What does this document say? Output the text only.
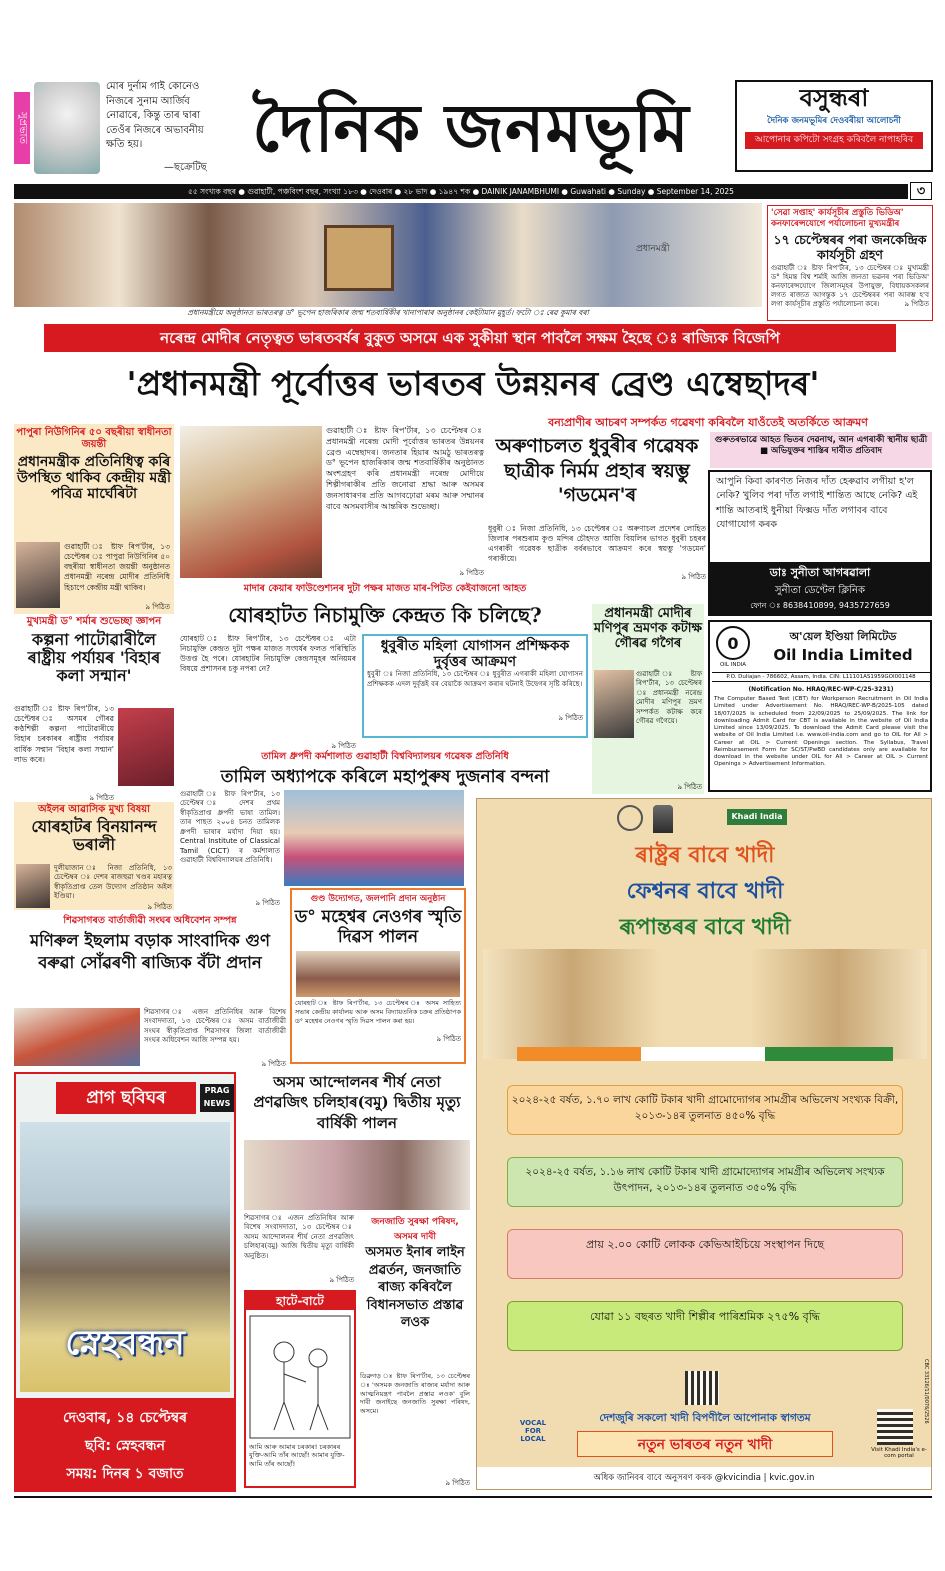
সুপ্ৰভাত
মোৰ দুৰ্নাম গাই কোনেও নিজৰে সুনাম আৰ্জিব নোৱাৰে, কিন্তু তাৰ দ্বাৰা তেওঁৰ নিজৰে অভাবনীয় ক্ষতি হয়।
—ছক্ৰেটিছ
দৈনিক জনমভূমি	বসুন্ধৰা
দৈনিক জনমভূমিৰ দেওবৰীয়া আলোচনী
আপোনাৰ কপিটো সংগ্ৰহ কৰিবলৈ নাপাহৰিব
৫৫ সংখ্যক বছৰ ● গুৱাহাটী, পঞ্চবিংশ বছৰ, সংখ্যা ১৮৩ ● দেওবাৰ ● ২৮ ভাদ ● ১৯৪৭ শক ● DAINIK JANAMBHUMI ● Guwahati ● Sunday ● September 14, 2025	৩
প্ৰধানমন্ত্ৰী
প্ৰধানমন্ত্ৰীয়ে অনুষ্ঠানত ভাৰতৰত্ন ড° ভূপেন হাজৰিকাৰ জন্ম শতবাৰ্ষিকীৰ খানাপাৰাৰ অনুষ্ঠানৰ কেইটামান মুহূৰ্ত। ফটো ঃ ৰেৱ কুমাৰ বৰা
'সেৱা সপ্তাহ' কাৰ্যসূচীৰ প্ৰস্তুতি ভিডিঅ' কনফাৰেন্সযোগে পৰ্যালোচনা মুখ্যমন্ত্ৰীৰ
১৭ চেপ্টেম্বৰৰ পৰা জনকেন্দ্ৰিক কাৰ্যসূচী গ্ৰহণ
গুৱাহাটী ঃ ষ্টাফ ৰিপ'ৰ্টাৰ, ১৩ চেপ্টেম্বৰ ঃ মুখ্যমন্ত্ৰী ড° হিমন্ত বিশ্ব শৰ্মাই আজি জনতা ভৱনৰ পৰা ভিডিঅ' কনফাৰেন্সযোগে জিলাসমূহৰ উপায়ুক্ত, বিধায়কসকলৰ লগত ৰাজ্যত আগন্তুক ১৭ চেপ্টেম্বৰৰ পৰা আৰম্ভ হ'ব লগা কাৰ্যসূচীৰ প্ৰস্তুতি পৰ্যালোচনা কৰে।	৯ পিঠিত
নৰেন্দ্ৰ মোদীৰ নেতৃত্বত ভাৰতবৰ্ষৰ বুকুত অসমে এক সুকীয়া স্থান পাবলৈ সক্ষম হৈছে ঃ ৰাজ্যিক বিজেপি
'প্ৰধানমন্ত্ৰী পূৰ্বোত্তৰ ভাৰতৰ উন্নয়নৰ ব্ৰেণ্ড এম্বেছাদৰ'
পাপুৰা নিউগিনিৰ ৫০ বছৰীয়া স্বাধীনতা জয়ন্তী
প্ৰধানমন্ত্ৰীক প্ৰতিনিধিত্ব কৰি উপস্থিত থাকিব কেন্দ্ৰীয় মন্ত্ৰী পবিত্ৰ মাৰ্ঘেৰিটা
গুৱাহাটী ঃ ষ্টাফ ৰিপ'ৰ্টাৰ, ১৩ চেপ্টেম্বৰ ঃ পাপুৱা নিউগিনিৰ ৫০ বছৰীয়া স্বাধীনতা জয়ন্তী অনুষ্ঠানত প্ৰধানমন্ত্ৰী নৰেন্দ্ৰ মোদীৰ প্ৰতিনিধি হিচাপে কেন্দ্ৰীয় মন্ত্ৰী থাকিব।
৯ পিঠিত
মুখ্যমন্ত্ৰী ড° শৰ্মাৰ শুভেচ্ছা জ্ঞাপন
কল্পনা পাটোৱাৰীলৈ ৰাষ্ট্ৰীয় পৰ্যায়ৰ 'বিহাৰ কলা সন্মান'
গুৱাহাটী ঃ ষ্টাফ ৰিপ'ৰ্টাৰ, ১৩ চেপ্টেম্বৰ ঃ অসমৰ গৌৰৱ কণ্ঠশিল্পী কল্পনা পাটোৱাৰীয়ে বিহাৰ চৰকাৰৰ ৰাষ্ট্ৰীয় পৰ্যায়ৰ বাৰ্ষিক সন্মান 'বিহাৰ কলা সন্মান' লাভ কৰে।
৯ পিঠিত
অইলৰ আৱাসিক মুখ্য বিষয়া
যোৰহাটৰ বিনয়ানন্দ ভৰালী
দুলীয়াজান ঃ নিজা প্ৰতিনিধি, ১৩ চেপ্টেম্বৰ ঃ দেশৰ ৰাজহুৱা খণ্ডৰ মহাৰত্ন স্বীকৃতিপ্ৰাপ্ত তেল উদ্যোগ প্ৰতিষ্ঠান অইল ইণ্ডিয়া।
৯ পিঠিত
গুৱাহাটী ঃ ষ্টাফ ৰিপ'ৰ্টাৰ, ১৩ চেপ্টেম্বৰ ঃ প্ৰধানমন্ত্ৰী নৰেন্দ্ৰ মোদী পূৰ্বোত্তৰ ভাৰতৰ উন্নয়নৰ ব্ৰেণ্ড এম্বেছাদৰ। জনতাৰ হিয়াৰ আমঠু ভাৰতৰত্ন ড° ভূপেন হাজৰিকাৰ জন্ম শতবাৰ্ষিকীৰ অনুষ্ঠানত অংশগ্ৰহণ কৰি প্ৰধানমন্ত্ৰী নৰেন্দ্ৰ মোদীয়ে শিল্পীগৰাকীৰ প্ৰতি জনোৱা শ্ৰদ্ধা আৰু অসমৰ জনসাধাৰণৰ প্ৰতি আগবঢ়োৱা মৰম আৰু সম্মানৰ বাবে অসমবাসীৰ আন্তৰিক শুভেচ্ছা।
৯ পিঠিত
বন্যপ্ৰাণীৰ আচৰণ সম্পৰ্কত গৱেষণা কৰিবলৈ যাওঁতেই অতৰ্কিতে আক্ৰমণ
অৰুণাচলত ধুবুৰীৰ গৱেষক ছাত্ৰীক নিৰ্মম প্ৰহাৰ স্বয়ম্ভু 'গডমেন'ৰ
ধুবুৰী ঃ নিজা প্ৰতিনিধি, ১৩ চেপ্টেম্বৰ ঃ অৰুণাচল প্ৰদেশৰ লোহিত জিলাৰ পৰশুৰাম কুণ্ড মন্দিৰ চৌহদত আজি বিয়লিৰ ভাগত ধুবুৰী চহৰৰ এগৰাকী গৱেষক ছাত্ৰীক বৰ্বৰভাবে আক্ৰমণ কৰে স্বয়ম্ভু 'গডমেন' গৰাকীয়ে।
৯ পিঠিত
গুৰুতৰভাৱে আহত ভিতৰ দেৱনাথ, আন এগৰাকী স্থানীয় ছাত্ৰী ■ অভিযুক্তৰ শাস্তিৰ দাবীত প্ৰতিবাদ
আপুনি কিবা কাৰণত নিজৰ দাঁত হেৰুৱাব লগীয়া হ'ল নেকি? খুলিব পৰা দাঁত লগাই শান্তিত আছে নেকি? এই শান্তি আতৰাই ধুনীয়া ফিক্সড দাঁত লগাবৰ বাবে যোগাযোগ কৰক
ডাঃ সুনীতা আগৰৱালা
সুনীতা ডেণ্টেল ক্লিনিক
ফোন ঃ 8638410899, 9435727659
মাদাৰ কেয়াৰ ফাউণ্ডেশ্যনৰ দুটা পক্ষৰ মাজত মাৰ-পিটত কেইবাজনো আহত
যোৰহাটত নিচামুক্তি কেন্দ্ৰত কি চলিছে?
যোৰহাট ঃ ষ্টাফ ৰিপ'ৰ্টাৰ, ১৩ চেপ্টেম্বৰ ঃ এটা নিচামুক্তি কেন্দ্ৰত দুটা পক্ষৰ মাজত সংঘৰ্ষৰ ফলত পৰিস্থিতি উত্তপ্ত হৈ পৰে। যোৰহাটৰ নিচামুক্তি কেন্দ্ৰসমূহৰ অনিয়মৰ বিষয়ে প্ৰশাসনৰ চকু নপৰা নে?
৯ পিঠিত
ধুবুৰীত মহিলা যোগাসন প্ৰশিক্ষকক দুৰ্বৃত্তৰ আক্ৰমণ
ধুবুৰী ঃ নিজা প্ৰতিনিধি, ১৩ চেপ্টেম্বৰ ঃ ধুবুৰীত এগৰাকী মহিলা যোগাসন প্ৰশিক্ষকক এদল দুৰ্বৃত্তই বৰ বেয়াকৈ আক্ৰমণ কৰাৰ ঘটনাই উদ্বেগৰ সৃষ্টি কৰিছে।
৯ পিঠিত
প্ৰধানমন্ত্ৰী মোদীৰ মণিপুৰ ভ্ৰমণক কটাক্ষ গৌৰৱ গগৈৰ
গুৱাহাটী ঃ ষ্টাফ ৰিপ'ৰ্টাৰ, ১৩ চেপ্টেম্বৰ ঃ প্ৰধানমন্ত্ৰী নৰেন্দ্ৰ মোদীৰ মণিপুৰ ভ্ৰমণ সম্পৰ্কত কটাক্ষ কৰে গৌৰৱ গগৈয়ে।
৯ পিঠিত
0
OIL INDIA
অ'য়েল ইণ্ডিয়া লিমিটেড
Oil India Limited
P.O. Duliajan - 786602, Assam, India. CIN: L11101AS1959GOI001148
(Notification No. HRAQ/REC-WP-C/25-3231)
The Computer Based Test (CBT) for Workperson Recruitment in Oil India Limited under Advertisement No. HRAQ/REC-WP-B/2025-105 dated 18/07/2025 is scheduled from 22/09/2025 to 25/09/2025. The link for downloading Admit Card for CBT is available in the website of Oil India Limited since 13/09/2025. To download the Admit Card please visit the website of Oil India Limited i.e. www.oil-india.com and go to OIL for All > Career at OIL > Current Openings section. The Syllabus, Travel Reimbursement Form for SC/ST/PwBD candidates only are available for download in the website under OIL for All > Career at OIL > Current Openings > Advertisement Information.
তামিল ধ্ৰুপদী কৰ্মশালাত গুৱাহাটী বিশ্ববিদ্যালয়ৰ গৱেষক প্ৰতিনিধি
তামিল অধ্যাপকে কৰিলে মহাপুৰুষ দুজনাৰ বন্দনা
গুৱাহাটী ঃ ষ্টাফ ৰিপ'ৰ্টাৰ, ১৩ চেপ্টেম্বৰ ঃ দেশৰ প্ৰথম স্বীকৃতিপ্ৰাপ্ত ধ্ৰুপদী ভাষা তামিল। তাৰ পাছত ২০০৪ চনত তামিলক ধ্ৰুপদী ভাষাৰ মৰ্যাদা দিয়া হয়। Central Institute of Classical Tamil (CICT) ৰ কৰ্মশালাত গুৱাহাটী বিশ্ববিদ্যালয়ৰ প্ৰতিনিধি।
৯ পিঠিত
শিৱসাগৰত বাৰ্তাজীৱী সংঘৰ অধিবেশন সম্পন্ন
মণিৰুল ইছলাম বড়াক সাংবাদিক গুণ বৰুৱা সোঁৱৰণী ৰাজ্যিক বঁটা প্ৰদান
শিৱসাগৰ ঃ এজন প্ৰতিনিধিৰ আৰু বিশেষ সংবাদদাতা, ১৩ চেপ্টেম্বৰ ঃ অসম বাৰ্তাজীৱী সংঘৰ স্বীকৃতিপ্ৰাপ্ত শিৱসাগৰ জিলা বাৰ্তাজীৱী সংঘৰ অধিবেশন আজি সম্পন্ন হয়।
৯ পিঠিত
গুণ্ড উদ্যোগত, জলপানি প্ৰদান অনুষ্ঠান
ড° মহেশ্বৰ নেওগৰ স্মৃতি দিৱস পালন
যোৰহাট ঃ ষ্টাফ ৰিপ'ৰ্টাৰ, ১৩ চেপ্টেম্বৰ ঃ অসম সাহিত্য সভাৰ কেন্দ্ৰীয় কাৰ্যালয় আৰু অসম বিদ্যায়তনিক চক্ৰৰ প্ৰতিষ্ঠাপক ড° মহেশ্বৰ নেওগৰ স্মৃতি দিৱস পালন কৰা হয়।
৯ পিঠিত
প্ৰাগ ছবিঘৰ	PRAG NEWS
স্নেহবন্ধন
দেওবাৰ, ১৪ চেপ্টেম্বৰ
ছবি: স্নেহবন্ধন
সময়: দিনৰ ১ বজাত
অসম আন্দোলনৰ শীৰ্ষ নেতা প্ৰণৱজিৎ চলিহাৰ(বমু) দ্বিতীয় মৃত্যু বাৰ্ষিকী পালন
শিৱসাগৰ ঃ এজন প্ৰতিনিধিৰ আৰু বিশেষ সংবাদদাতা, ১৩ চেপ্টেম্বৰ ঃ অসম আন্দোলনৰ শীৰ্ষ নেতা প্ৰণৱজিৎ চলিহাৰ(বমু) আজি দ্বিতীয় মৃত্যু বাৰ্ষিকী অনুষ্ঠিত।
৯ পিঠিত
হাটে-বাটে
আমি আৰু আমাৰ চৰকাৰ! চৰকাৰৰ যুক্তি-আমি তাঁৰ আছোঁ! আমাৰ যুক্তি-আমি তাঁৰ আছোঁ!
জনজাতি সুৰক্ষা পৰিষদ, অসমৰ দাবী
অসমত ইনাৰ লাইন প্ৰৱৰ্তন, জনজাতি ৰাজ্য কৰিবলৈ বিধানসভাত প্ৰস্তাৱ লওক
ডিব্ৰুগড় ঃ ষ্টাফ ৰিপ'ৰ্টাৰ, ১৩ চেপ্টেম্বৰ ঃ 'অসমক জনজাতি ৰাজ্যৰ মৰ্যাদা আৰু আত্মনিয়ন্ত্ৰণ পাবলৈ প্ৰস্তাৱ লওক' বুলি দাবী জনাইছে জনজাতি সুৰক্ষা পৰিষদ, অসমে।
৯ পিঠিত
Khadi India
ৰাষ্ট্ৰৰ বাবে খাদী
ফেশ্বনৰ বাবে খাদী
ৰূপান্তৰৰ বাবে খাদী
২০২৪-২৫ বৰ্ষত, ১.৭০ লাখ কোটি টকাৰ খাদী গ্ৰামোদ্যোগৰ সামগ্ৰীৰ অভিলেখ সংখ্যক বিক্ৰী, ২০১৩-১৪ৰ তুলনাত ৪৫০% বৃদ্ধি
২০২৪-২৫ বৰ্ষত, ১.১৬ লাখ কোটি টকাৰ খাদী গ্ৰামোদ্যোগৰ সামগ্ৰীৰ অভিলেখ সংখ্যক উৎপাদন, ২০১৩-১৪ৰ তুলনাত ৩৫০% বৃদ্ধি
প্ৰায় ২.০০ কোটি লোকক কেভিআইচিয়ে সংস্থাপন দিছে
যোৱা ১১ বছৰত খাদী শিল্পীৰ পাৰিশ্ৰমিক ২৭৫% বৃদ্ধি
VOCAL FOR LOCAL
দেশজুৰি সকলো খাদী বিপণীলৈ আপোনাক স্বাগতম
নতুন ভাৰতৰ নতুন খাদী	Visit Khadi India's e-com portal
অধিক জানিবৰ বাবে অনুসৰণ কৰক @kvicindia | kvic.gov.in
CBC 33126/11/0076/2526
